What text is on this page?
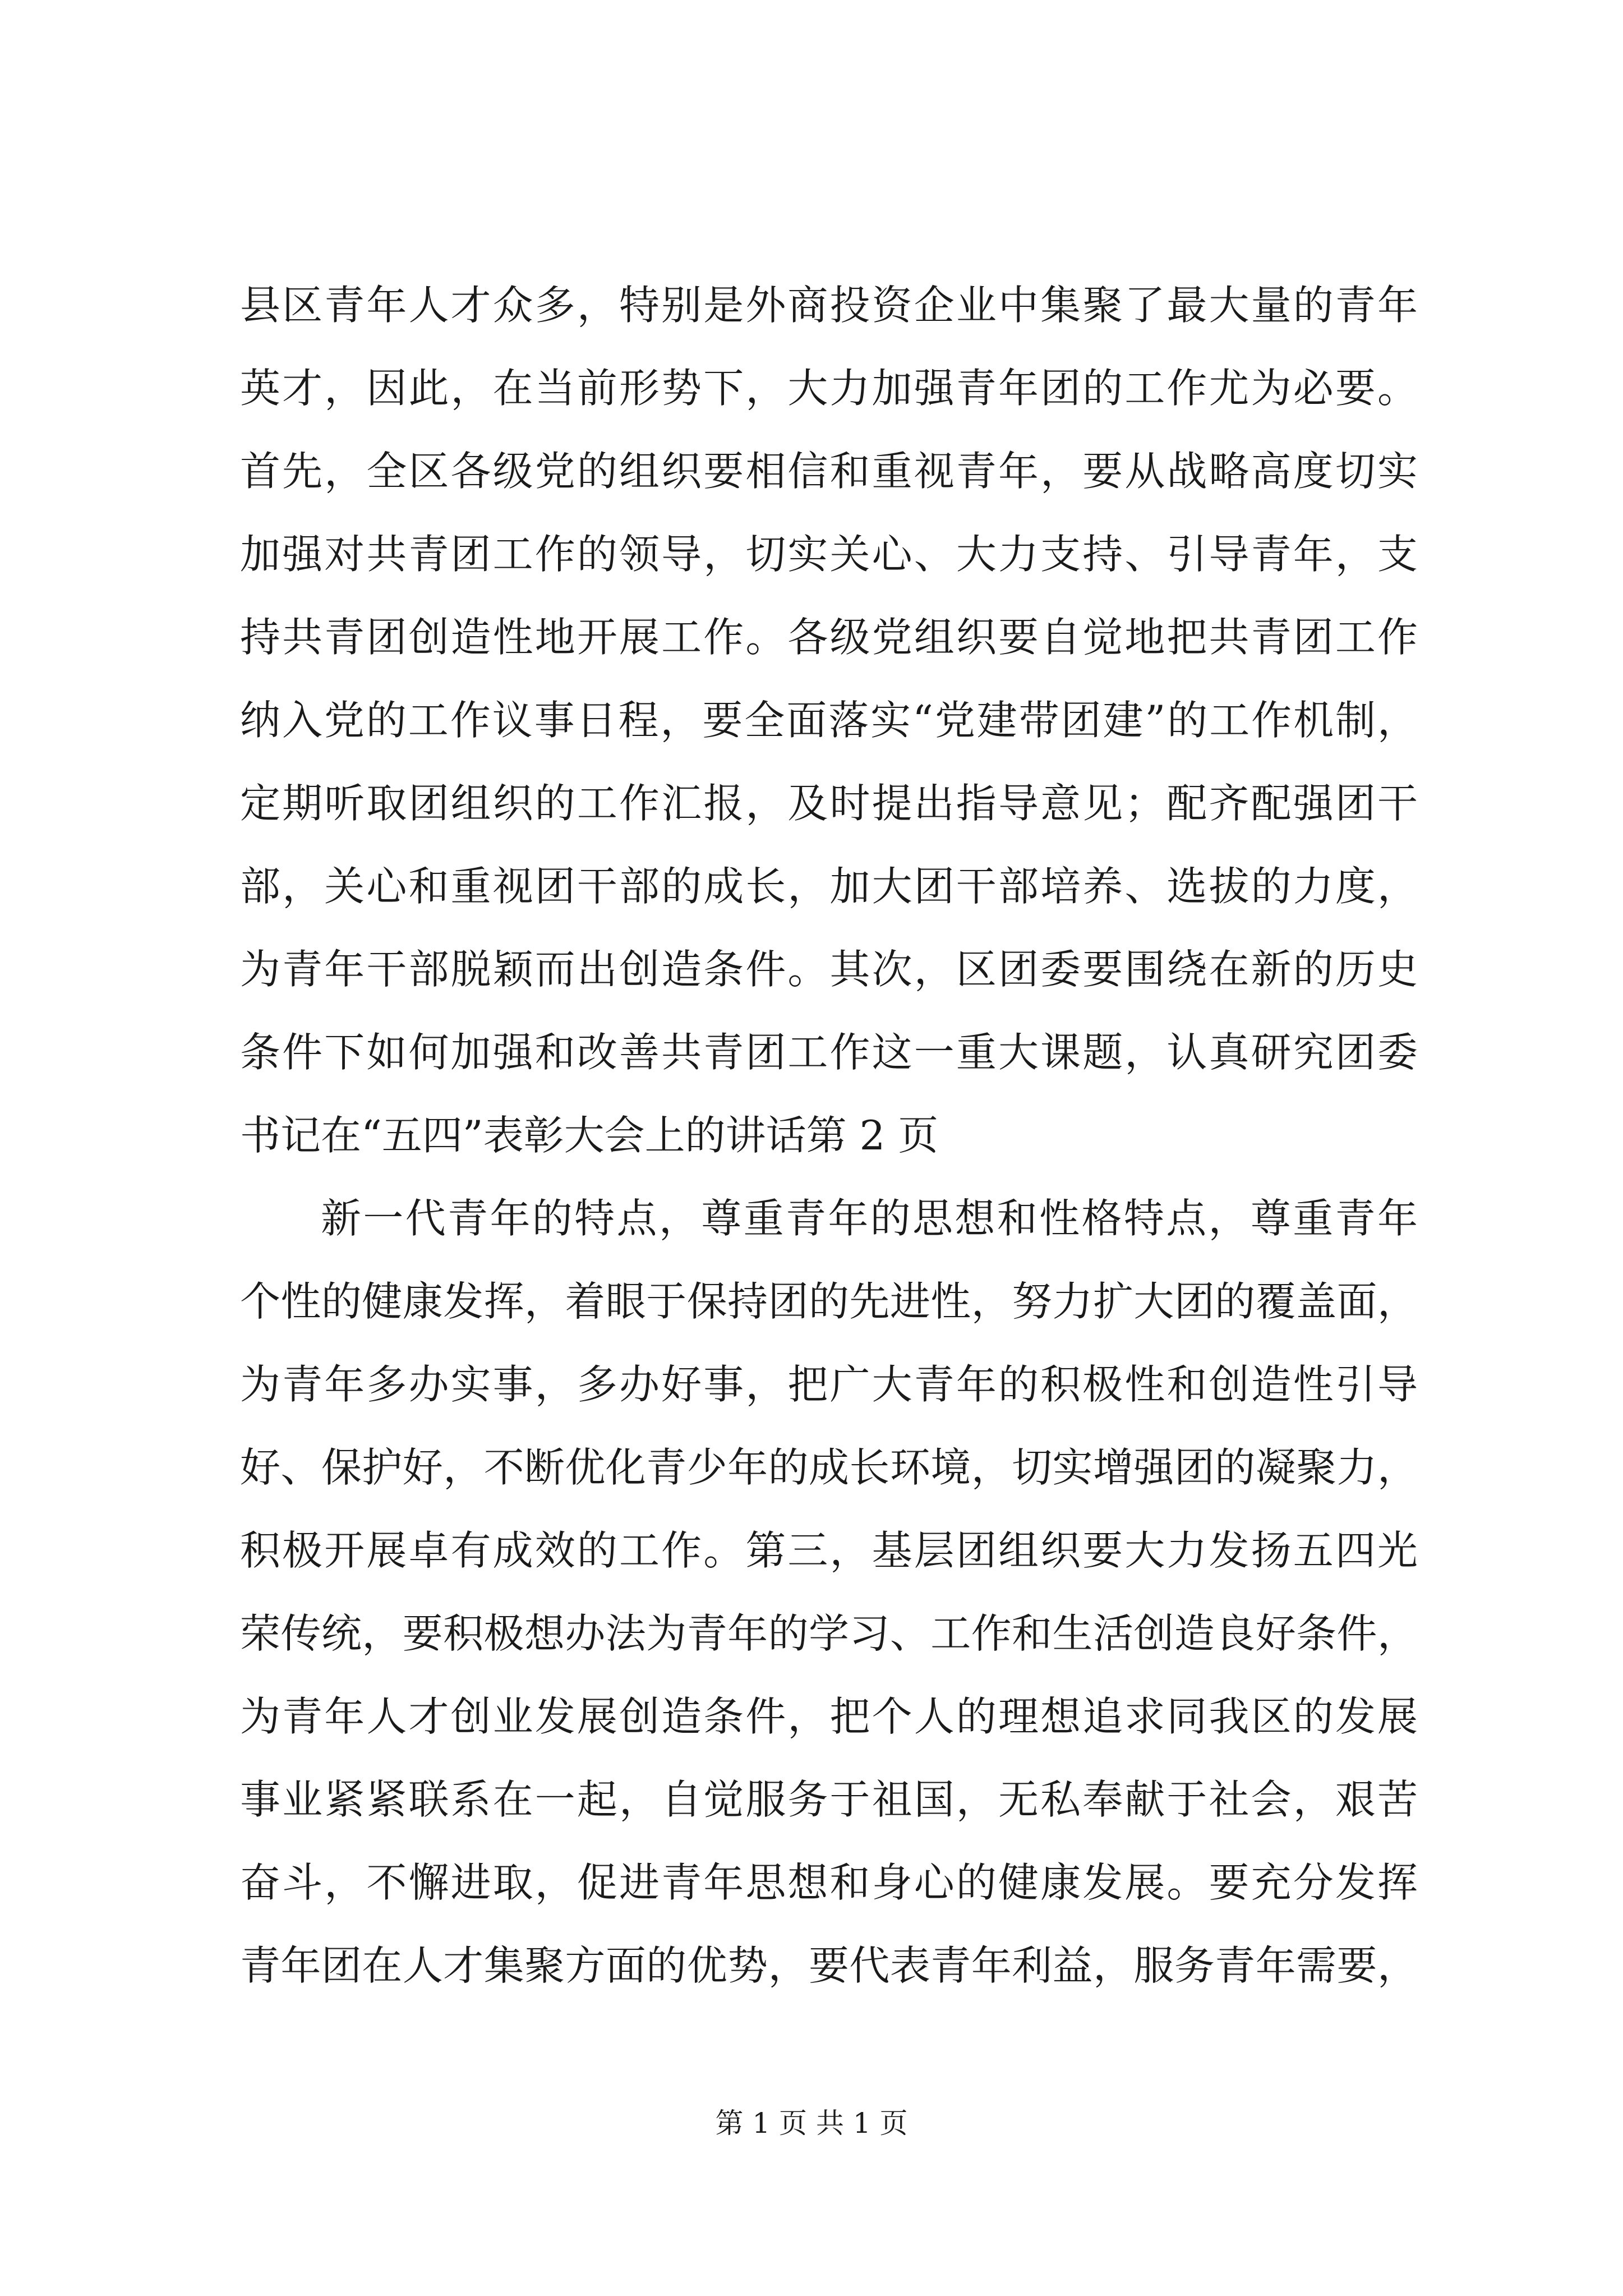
县区青年人才众多，特别是外商投资企业中集聚了最大量的青年
英才，因此，在当前形势下，大力加强青年团的工作尤为必要。
首先，全区各级党的组织要相信和重视青年，要从战略高度切实
加强对共青团工作的领导，切实关心、大力支持、引导青年，支
持共青团创造性地开展工作。各级党组织要自觉地把共青团工作
纳入党的工作议事日程，要全面落实“党建带团建”的工作机制，
定期听取团组织的工作汇报，及时提出指导意见；配齐配强团干
部，关心和重视团干部的成长，加大团干部培养、选拔的力度，
为青年干部脱颖而出创造条件。其次，区团委要围绕在新的历史
条件下如何加强和改善共青团工作这一重大课题，认真研究团委
书记在“五四”表彰大会上的讲话第 2 页
新一代青年的特点，尊重青年的思想和性格特点，尊重青年
个性的健康发挥，着眼于保持团的先进性，努力扩大团的覆盖面，
为青年多办实事，多办好事，把广大青年的积极性和创造性引导
好、保护好，不断优化青少年的成长环境，切实增强团的凝聚力，
积极开展卓有成效的工作。第三，基层团组织要大力发扬五四光
荣传统，要积极想办法为青年的学习、工作和生活创造良好条件，
为青年人才创业发展创造条件，把个人的理想追求同我区的发展
事业紧紧联系在一起，自觉服务于祖国，无私奉献于社会，艰苦
奋斗，不懈进取，促进青年思想和身心的健康发展。要充分发挥
青年团在人才集聚方面的优势，要代表青年利益，服务青年需要，
第 1 页 共 1 页
